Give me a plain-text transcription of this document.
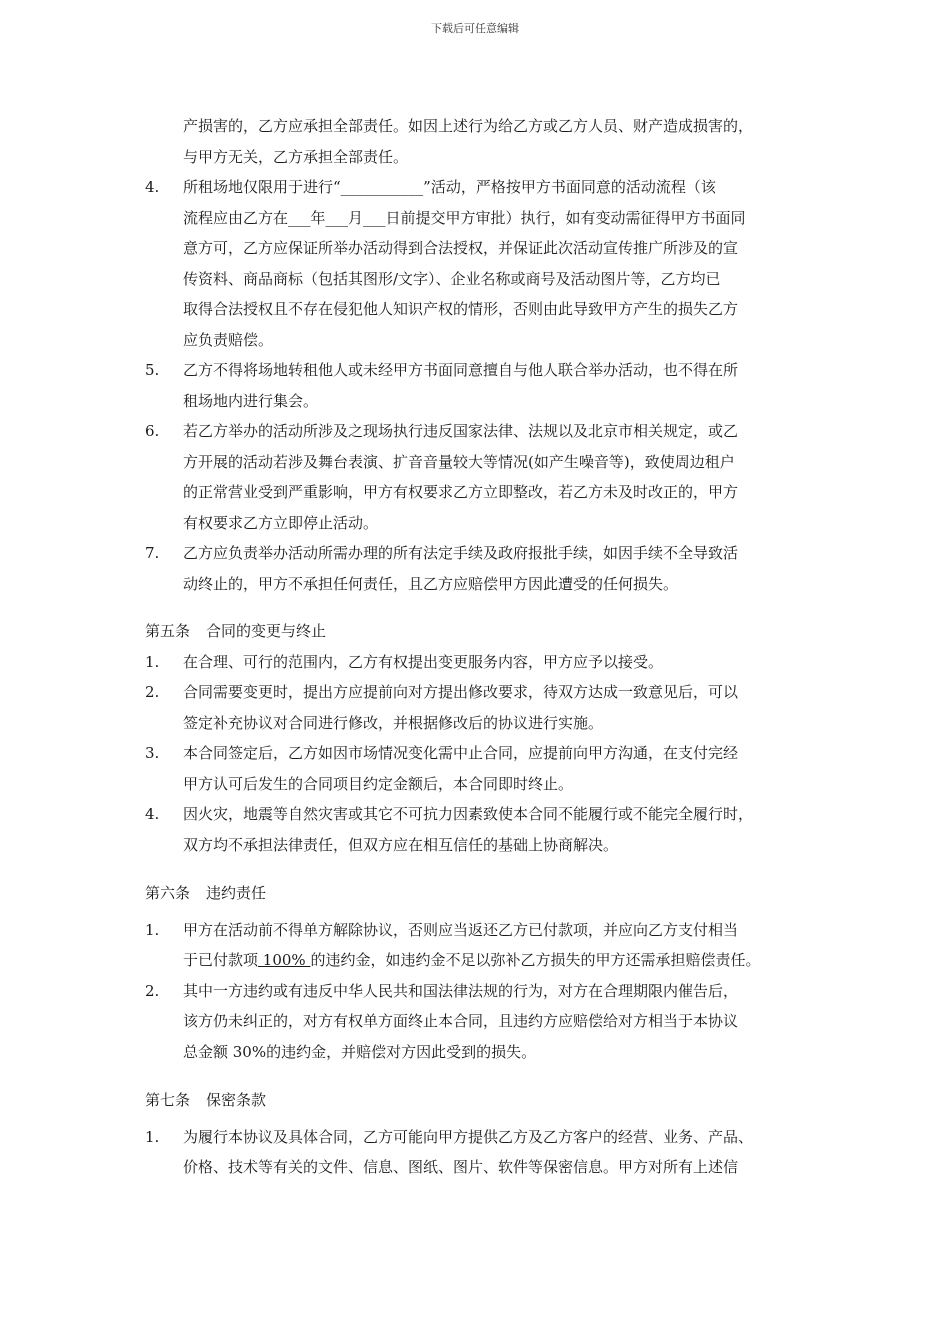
下载后可任意编辑
产损害的，乙方应承担全部责任。如因上述行为给乙方或乙方人员、财产造成损害的，
与甲方无关，乙方承担全部责任。
4. 所租场地仅限用于进行“___________”活动，严格按甲方书面同意的活动流程（该
流程应由乙方在___年___月___日前提交甲方审批）执行，如有变动需征得甲方书面同
意方可，乙方应保证所举办活动得到合法授权，并保证此次活动宣传推广所涉及的宣
传资料、商品商标（包括其图形/文字）、企业名称或商号及活动图片等，乙方均已
取得合法授权且不存在侵犯他人知识产权的情形，否则由此导致甲方产生的损失乙方
应负责赔偿。
5. 乙方不得将场地转租他人或未经甲方书面同意擅自与他人联合举办活动，也不得在所
租场地内进行集会。
6. 若乙方举办的活动所涉及之现场执行违反国家法律、法规以及北京市相关规定，或乙
方开展的活动若涉及舞台表演、扩音音量较大等情况(如产生噪音等)，致使周边租户
的正常营业受到严重影响，甲方有权要求乙方立即整改，若乙方未及时改正的，甲方
有权要求乙方立即停止活动。
7. 乙方应负责举办活动所需办理的所有法定手续及政府报批手续，如因手续不全导致活
动终止的，甲方不承担任何责任，且乙方应赔偿甲方因此遭受的任何损失。
第五条 合同的变更与终止
1. 在合理、可行的范围内，乙方有权提出变更服务内容，甲方应予以接受。
2. 合同需要变更时，提出方应提前向对方提出修改要求，待双方达成一致意见后，可以
签定补充协议对合同进行修改，并根据修改后的协议进行实施。
3. 本合同签定后，乙方如因市场情况变化需中止合同，应提前向甲方沟通，在支付完经
甲方认可后发生的合同项目约定金额后，本合同即时终止。
4. 因火灾，地震等自然灾害或其它不可抗力因素致使本合同不能履行或不能完全履行时，
双方均不承担法律责任，但双方应在相互信任的基础上协商解决。
第六条 违约责任
1. 甲方在活动前不得单方解除协议，否则应当返还乙方已付款项，并应向乙方支付相当
于已付款项 100% 的违约金，如违约金不足以弥补乙方损失的甲方还需承担赔偿责任。
2. 其中一方违约或有违反中华人民共和国法律法规的行为，对方在合理期限内催告后，
该方仍未纠正的，对方有权单方面终止本合同，且违约方应赔偿给对方相当于本协议
总金额 30%的违约金，并赔偿对方因此受到的损失。
第七条 保密条款
1. 为履行本协议及具体合同，乙方可能向甲方提供乙方及乙方客户的经营、业务、产品、
价格、技术等有关的文件、信息、图纸、图片、软件等保密信息。甲方对所有上述信
